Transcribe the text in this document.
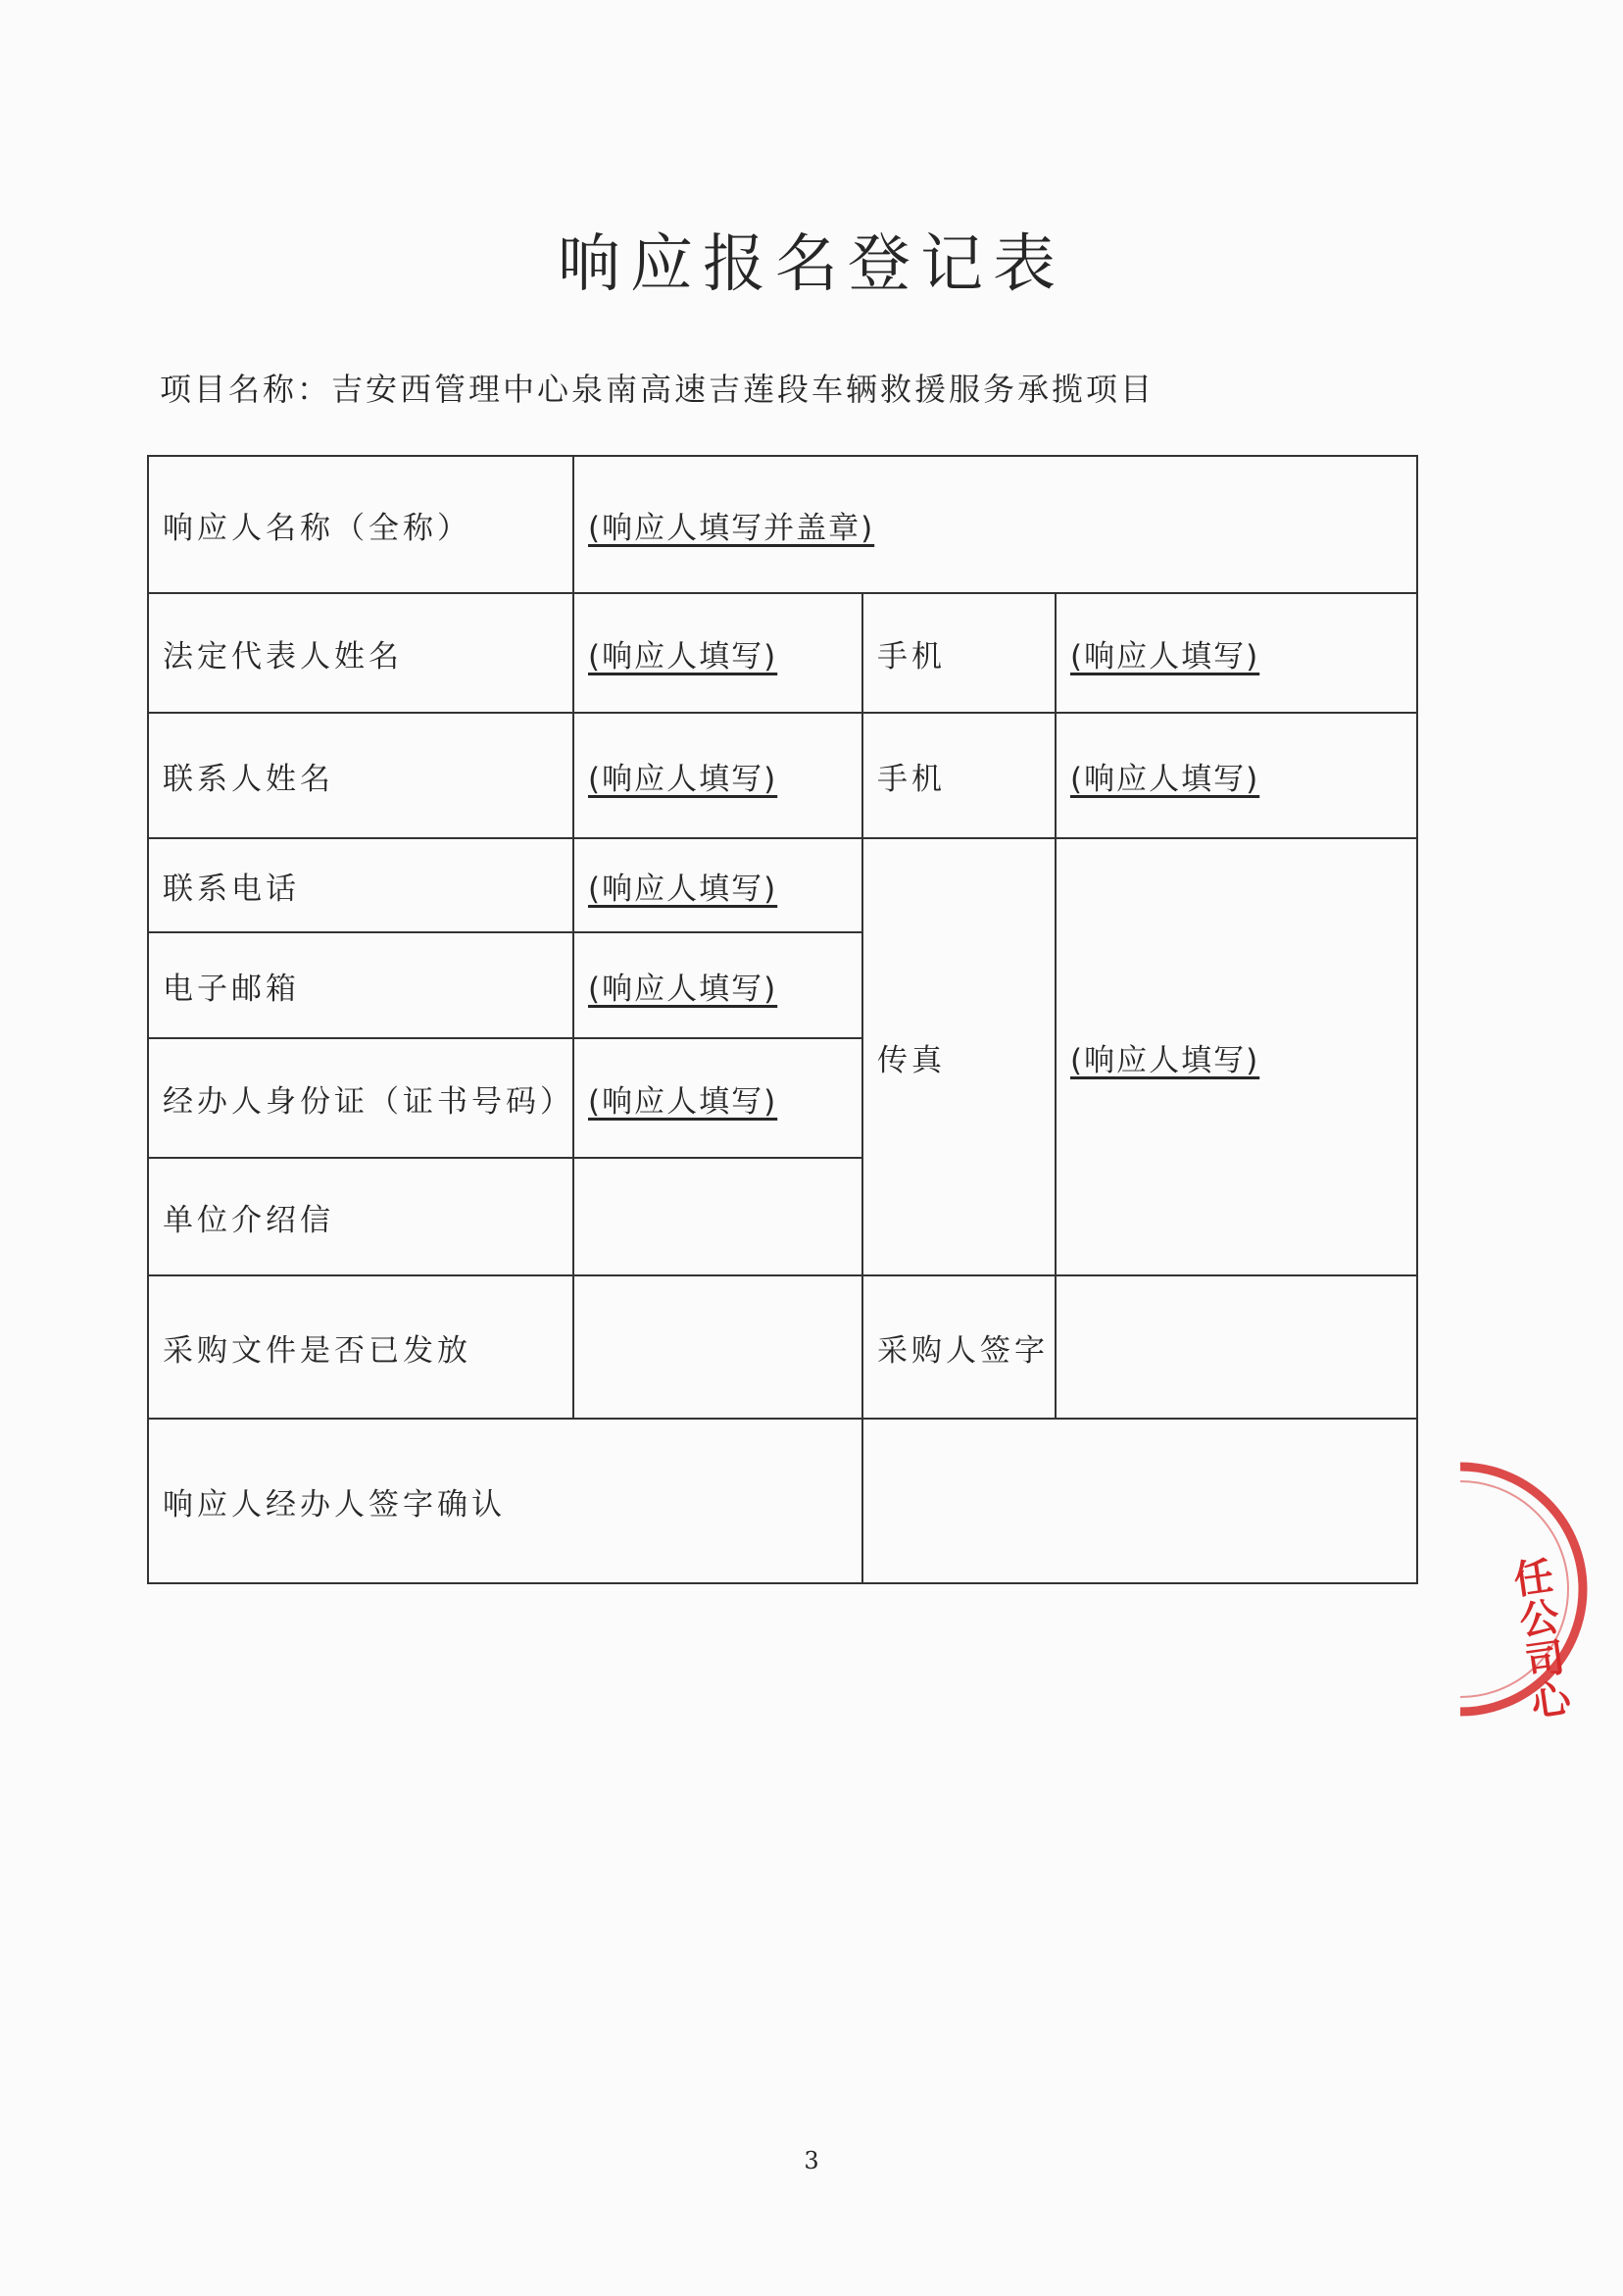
响应报名登记表
项目名称：吉安西管理中心泉南高速吉莲段车辆救援服务承揽项目
响应人名称（全称）	(响应人填写并盖章)		
法定代表人姓名	(响应人填写)	手机	(响应人填写)
联系人姓名	(响应人填写)	手机	(响应人填写)
联系电话	(响应人填写)	传真	(响应人填写)
电子邮箱	(响应人填写)		
经办人身份证（证书号码）	(响应人填写)		
单位介绍信			
采购文件是否已发放		采购人签字	
响应人经办人签字确认			
任公司心
3
